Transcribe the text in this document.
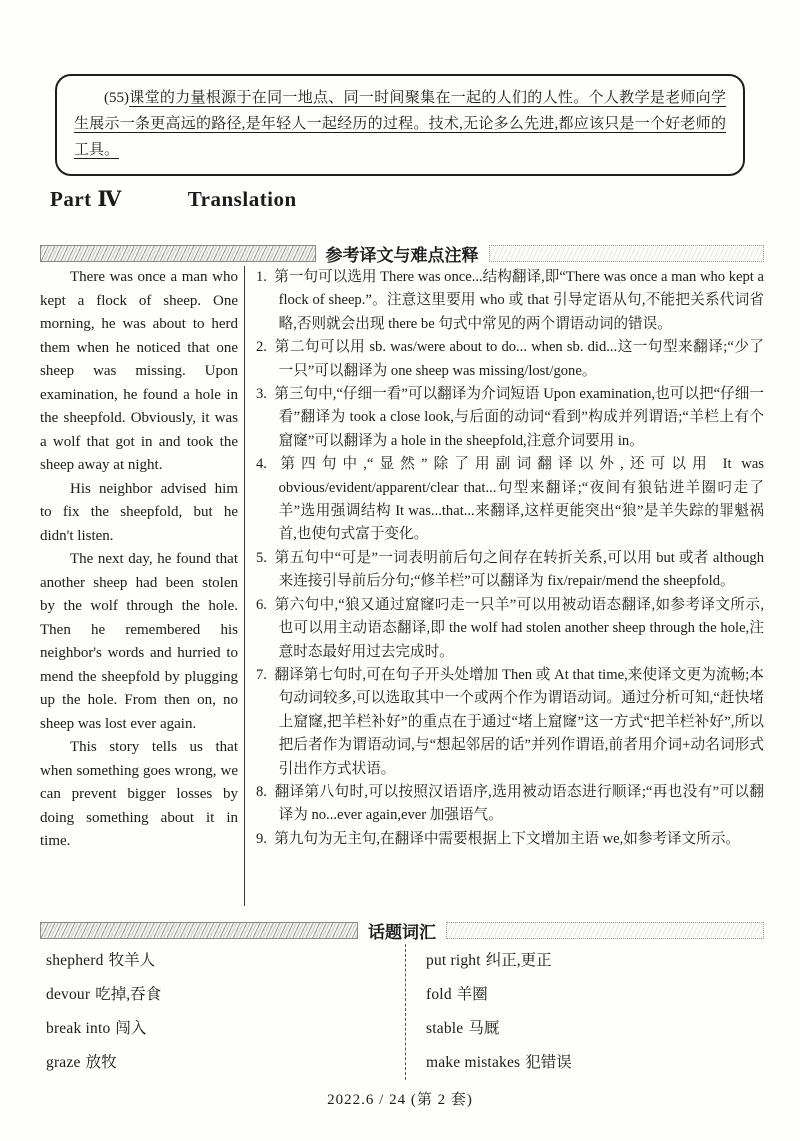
(55)课堂的力量根源于在同一地点、同一时间聚集在一起的人们的人性。个人教学是老师向学生展示一条更高远的路径,是年轻人一起经历的过程。技术,无论多么先进,都应该只是一个好老师的工具。

Part Ⅳ	Translation
参考译文与难点注释

There was once a man who kept a flock of sheep. One morning, he was about to herd them when he noticed that one sheep was missing. Upon examination, he found a hole in the sheepfold. Obviously, it was a wolf that got in and took the sheep away at night.

His neighbor advised him to fix the sheepfold, but he didn't listen.

The next day, he found that another sheep had been stolen by the wolf through the hole. Then he remembered his neighbor's words and hurried to mend the sheepfold by plugging up the hole. From then on, no sheep was lost ever again.

This story tells us that when something goes wrong, we can prevent bigger losses by doing something about it in time.

1. 第一句可以选用 There was once...结构翻译,即“There was once a man who kept a flock of sheep.”。注意这里要用 who 或 that 引导定语从句,不能把关系代词省略,否则就会出现 there be 句式中常见的两个谓语动词的错误。
2. 第二句可以用 sb. was/were about to do... when sb. did...这一句型来翻译;“少了一只”可以翻译为 one sheep was missing/lost/gone。
3. 第三句中,“仔细一看”可以翻译为介词短语 Upon examination,也可以把“仔细一看”翻译为 took a close look,与后面的动词“看到”构成并列谓语;“羊栏上有个窟窿”可以翻译为 a hole in the sheepfold,注意介词要用 in。
4. 第四句中,“显然”除了用副词翻译以外,还可以用 It was obvious/evident/apparent/clear that...句型来翻译;“夜间有狼钻进羊圈叼走了羊”选用强调结构 It was...that...来翻译,这样更能突出“狼”是羊失踪的罪魁祸首,也使句式富于变化。
5. 第五句中“可是”一词表明前后句之间存在转折关系,可以用 but 或者 although 来连接引导前后分句;“修羊栏”可以翻译为 fix/repair/mend the sheepfold。
6. 第六句中,“狼又通过窟窿叼走一只羊”可以用被动语态翻译,如参考译文所示,也可以用主动语态翻译,即 the wolf had stolen another sheep through the hole,注意时态最好用过去完成时。
7. 翻译第七句时,可在句子开头处增加 Then 或 At that time,来使译文更为流畅;本句动词较多,可以选取其中一个或两个作为谓语动词。通过分析可知,“赶快堵上窟窿,把羊栏补好”的重点在于通过“堵上窟窿”这一方式“把羊栏补好”,所以把后者作为谓语动词,与“想起邻居的话”并列作谓语,前者用介词+动名词形式引出作方式状语。
8. 翻译第八句时,可以按照汉语语序,选用被动语态进行顺译;“再也没有”可以翻译为 no...ever again,ever 加强语气。
9. 第九句为无主句,在翻译中需要根据上下文增加主语 we,如参考译文所示。
话题词汇
shepherd 牧羊人
devour 吃掉,吞食
break into 闯入
graze 放牧
put right 纠正,更正
fold 羊圈
stable 马厩
make mistakes 犯错误
2022.6 / 24 (第 2 套)
